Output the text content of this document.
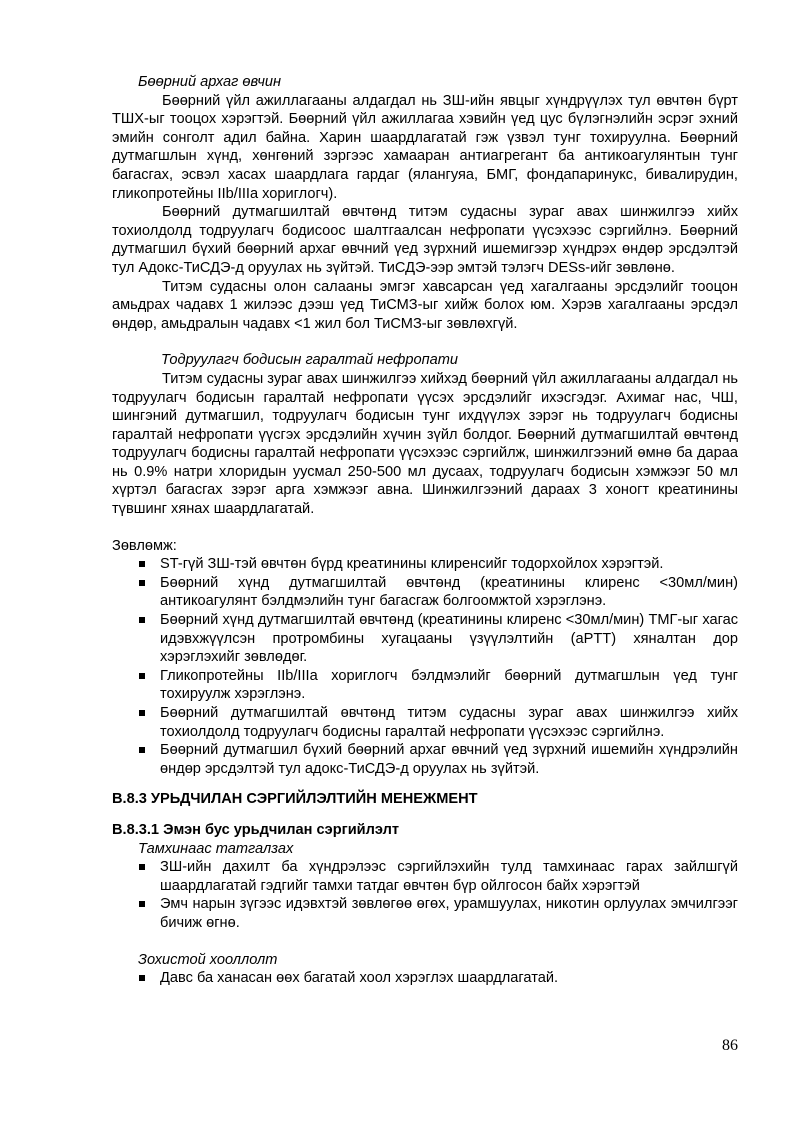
Бөөрний архаг өвчин

Бөөрний үйл ажиллагааны алдагдал нь ЗШ-ийн явцыг хүндрүүлэх тул өвчтөн бүрт ТШХ-ыг тооцох хэрэгтэй. Бөөрний үйл ажиллагаа хэвийн үед цус бүлэгнэлийн эсрэг эхний эмийн сонголт адил байна. Харин шаардлагатай гэж үзвэл тунг тохируулна. Бөөрний дутмагшлын хүнд, хөнгөний зэргээс хамааран антиагрегант ба антикоагулянтын тунг багасгах, эсвэл хасах шаардлага гардаг (ялангуяа, БМГ, фондапаринукс, бивалирудин, гликопротейны IIb/IIIa хориглогч).

Бөөрний дутмагшилтай өвчтөнд титэм судасны зураг авах шинжилгээ хийх тохиолдолд тодруулагч бодисоос шалтгаалсан нефропати үүсэхээс сэргийлнэ. Бөөрний дутмагшил бүхий бөөрний архаг өвчний үед зүрхний ишемигээр хүндрэх өндөр эрсдэлтэй тул Адокс-ТиСДЭ-д оруулах нь зүйтэй. ТиСДЭ-ээр эмтэй тэлэгч DESs-ийг зөвлөнө.

Титэм судасны олон салааны эмгэг хавсарсан үед хагалгааны эрсдэлийг тооцон амьдрах чадавх 1 жилээс дээш үед ТиСМЗ-ыг хийж болох юм. Хэрэв хагалгааны эрсдэл өндөр, амьдралын чадавх <1 жил бол ТиСМЗ-ыг зөвлөхгүй.

Тодруулагч бодисын гаралтай нефропати

Титэм судасны зураг авах шинжилгээ хийхэд бөөрний үйл ажиллагааны алдагдал нь тодруулагч бодисын гаралтай нефропати үүсэх эрсдэлийг ихэсгэдэг. Ахимаг нас, ЧШ, шингэний дутмагшил, тодруулагч бодисын тунг ихдүүлэх зэрэг нь тодруулагч бодисны гаралтай нефропати үүсгэх эрсдэлийн хүчин зүйл болдог. Бөөрний дутмагшилтай өвчтөнд тодруулагч бодисны гаралтай нефропати үүсэхээс сэргийлж, шинжилгээний өмнө ба дараа нь 0.9% натри хлоридын уусмал 250-500 мл дусаах, тодруулагч бодисын хэмжээг 50 мл хүртэл багасгах зэрэг арга хэмжээг авна. Шинжилгээний дараах 3 хоногт креатинины түвшинг хянах шаардлагатай.

Зөвлөмж:
ST-гүй ЗШ-тэй өвчтөн бүрд креатинины клиренсийг тодорхойлох хэрэгтэй.
Бөөрний хүнд дутмагшилтай өвчтөнд (креатинины клиренс <30мл/мин) антикоагулянт бэлдмэлийн тунг багасгаж болгоомжтой хэрэглэнэ.
Бөөрний хүнд дутмагшилтай өвчтөнд (креатинины клиренс <30мл/мин) ТМГ-ыг хагас идэвхжүүлсэн протромбины хугацааны үзүүлэлтийн (aPTT) хяналтан дор хэрэглэхийг зөвлөдөг.
Гликопротейны IIb/IIIa хориглогч бэлдмэлийг бөөрний дутмагшлын үед тунг тохируулж хэрэглэнэ.
Бөөрний дутмагшилтай өвчтөнд титэм судасны зураг авах шинжилгээ хийх тохиолдолд тодруулагч бодисны гаралтай нефропати үүсэхээс сэргийлнэ.
Бөөрний дутмагшил бүхий бөөрний архаг өвчний үед зүрхний ишемийн хүндрэлийн өндөр эрсдэлтэй тул адокс-ТиСДЭ-д оруулах нь зүйтэй.
В.8.3 УРЬДЧИЛАН СЭРГИЙЛЭЛТИЙН МЕНЕЖМЕНТ
В.8.3.1 Эмэн бус урьдчилан сэргийлэлт
Тамхинаас татгалзах
ЗШ-ийн дахилт ба хүндрэлээс сэргийлэхийн тулд тамхинаас гарах зайлшгүй шаардлагатай гэдгийг тамхи татдаг өвчтөн бүр ойлгосон байх хэрэгтэй
Эмч нарын зүгээс идэвхтэй зөвлөгөө өгөх, урамшуулах, никотин орлуулах эмчилгээг бичиж өгнө.
Зохистой хооллолт
Давс ба ханасан өөх багатай хоол хэрэглэх шаардлагатай.
86
